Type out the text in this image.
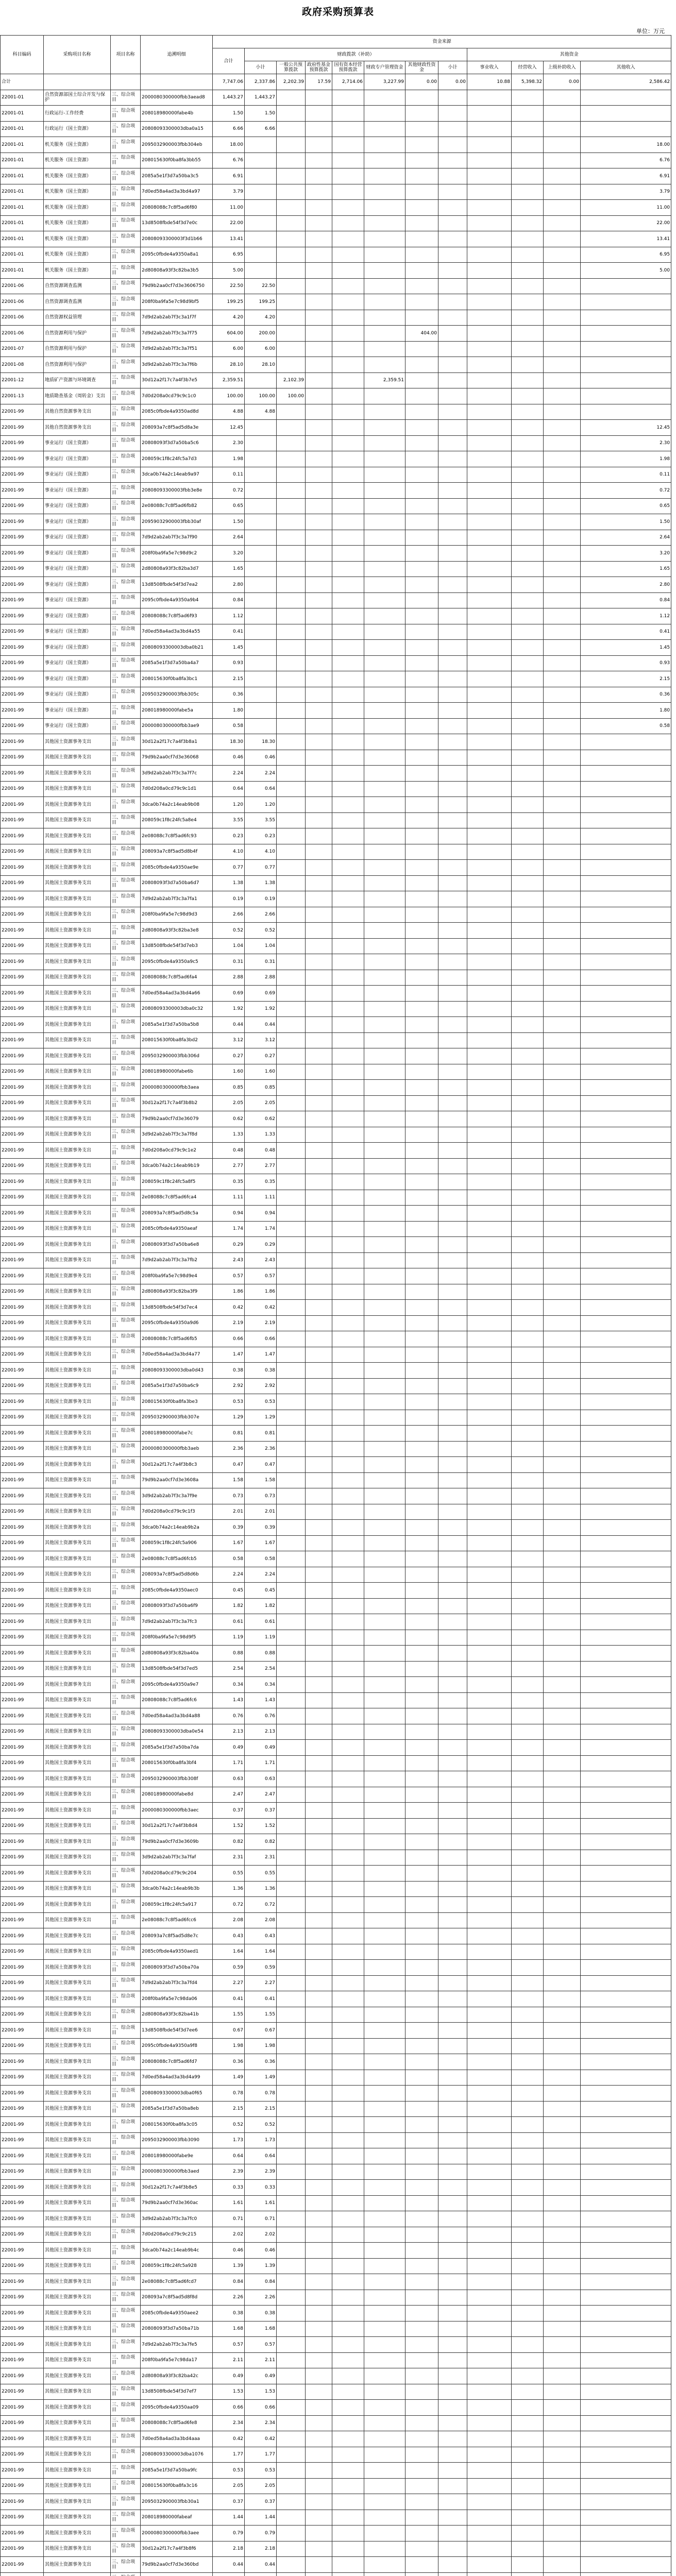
政府采购预算表
单位：万元
科目编码	采购项目名称	项目名称	追溯明细	资金来源											
				合计	财政拨款（补助）							其他资金			
					小计	一般公共预算拨款	政府性基金预算拨款	国有资本经营预算拨款	财政专户管理资金	其他财政性资金	小计	事业收入	经营收入	上级补助收入	其他收入
合计				7,747.06	2,337.86	2,202.39	17.59	2,714.06	3,227.99	0.00	0.00	10.88	5,398.32	0.00	2,586.42
22001-01	自然资源部国土综合开发与保护	三、综合项目	2000080300000fbb3aead8	1,443.27	1,443.27										
22001-01	行政运行-工作经费	三、综合项目	208018980000fabe4b	1.50	1.50										
22001-01	行政运行（国土资源）	三、综合项目	20808093300003dba0a15	6.66	6.66										
22001-01	机关服务（国土资源）	三、综合项目	2095032900003fbb304eb	18.00											18.00
22001-01	机关服务（国土资源）	三、综合项目	208015630f0ba8fa3bb55	6.76											6.76
22001-01	机关服务（国土资源）	三、综合项目	2085a5e1f3d7a50ba3c5	6.91											6.91
22001-01	机关服务（国土资源）	三、综合项目	7d0ed58a4ad3a3bd4a97	3.79											3.79
22001-01	机关服务（国土资源）	三、综合项目	20808088c7c8f5ad6f80	11.00											11.00
22001-01	机关服务（国土资源）	三、综合项目	13d8508fbde54f3d7e0c	22.00											22.00
22001-01	机关服务（国土资源）	三、综合项目	20808093300003f3d1b66	13.41											13.41
22001-01	机关服务（国土资源）	三、综合项目	2095c0fbde4a9350a8a1	6.95											6.95
22001-01	机关服务（国土资源）	三、综合项目	2d80808a93f3c82ba3b5	5.00											5.00
22001-06	自然资源调查监测	三、综合项目	79d9b2aa0cf7d3e3606750	22.50	22.50										
22001-06	自然资源调查监测	三、综合项目	208f0ba9fa5e7c98d9bf5	199.25	199.25										
22001-06	自然资源权益管理	三、综合项目	7d9d2ab2ab7f3c3a1f7f	4.20	4.20										
22001-06	自然资源利用与保护	三、综合项目	7d9d2ab2ab7f3c3a7f75	604.00	200.00					404.00					
22001-07	自然资源利用与保护	三、综合项目	7d9d2ab2ab7f3c3a7f51	6.00	6.00										
22001-08	自然资源利用与保护	三、综合项目	3d9d2ab2ab7f3c3a7f6b	28.10	28.10										
22001-12	地质矿产资源与环境调查	三、综合项目	30d12a2f17c7a4f3b7e5	2,359.51		2,102.39			2,359.51						
22001-13	地质勘查基金（周转金）支出	三、综合项目	7d0d208a0cd79c9c1c0	100.00	100.00	100.00									
22001-99	其他自然资源事务支出	三、综合项目	2085c0fbde4a9350ad8d	4.88	4.88										
22001-99	其他自然资源事务支出	三、综合项目	208093a7c8f5ad5d8a3e	12.45											12.45
22001-99	事业运行（国土资源）	三、综合项目	20808093f3d7a50ba5c6	2.30											2.30
22001-99	事业运行（国土资源）	三、综合项目	208059c1f8c24fc5a7d3	1.98											1.98
22001-99	事业运行（国土资源）	三、综合项目	3dca0b74a2c14eab9a97	0.11											0.11
22001-99	事业运行（国土资源）	三、综合项目	20808093300003fbb3e8e	0.72											0.72
22001-99	事业运行（国土资源）	三、综合项目	2e08088c7c8f5ad6fb82	0.65											0.65
22001-99	事业运行（国土资源）	三、综合项目	20959032900003fbb30af	1.50											1.50
22001-99	事业运行（国土资源）	三、综合项目	7d9d2ab2ab7f3c3a7f90	2.64											2.64
22001-99	事业运行（国土资源）	三、综合项目	208f0ba9fa5e7c98d9c2	3.20											3.20
22001-99	事业运行（国土资源）	三、综合项目	2d80808a93f3c82ba3d7	1.65											1.65
22001-99	事业运行（国土资源）	三、综合项目	13d8508fbde54f3d7ea2	2.80											2.80
22001-99	事业运行（国土资源）	三、综合项目	2095c0fbde4a9350a9b4	0.84											0.84
22001-99	事业运行（国土资源）	三、综合项目	20808088c7c8f5ad6f93	1.12											1.12
22001-99	事业运行（国土资源）	三、综合项目	7d0ed58a4ad3a3bd4a55	0.41											0.41
22001-99	事业运行（国土资源）	三、综合项目	20808093300003dba0b21	1.45											1.45
22001-99	事业运行（国土资源）	三、综合项目	2085a5e1f3d7a50ba4a7	0.93											0.93
22001-99	事业运行（国土资源）	三、综合项目	208015630f0ba8fa3bc1	2.15											2.15
22001-99	事业运行（国土资源）	三、综合项目	2095032900003fbb305c	0.36											0.36
22001-99	事业运行（国土资源）	三、综合项目	208018980000fabe5a	1.80											1.80
22001-99	事业运行（国土资源）	三、综合项目	2000080300000fbb3ae9	0.58											0.58
22001-99	其他国土资源事务支出	三、综合项目	30d12a2f17c7a4f3b8a1	18.30	18.30										
22001-99	其他国土资源事务支出	三、综合项目	79d9b2aa0cf7d3e36068	0.46	0.46										
22001-99	其他国土资源事务支出	三、综合项目	3d9d2ab2ab7f3c3a7f7c	2.24	2.24										
22001-99	其他国土资源事务支出	三、综合项目	7d0d208a0cd79c9c1d1	0.64	0.64										
22001-99	其他国土资源事务支出	三、综合项目	3dca0b74a2c14eab9b08	1.20	1.20										
22001-99	其他国土资源事务支出	三、综合项目	208059c1f8c24fc5a8e4	3.55	3.55										
22001-99	其他国土资源事务支出	三、综合项目	2e08088c7c8f5ad6fc93	0.23	0.23										
22001-99	其他国土资源事务支出	三、综合项目	208093a7c8f5ad5d8b4f	4.10	4.10										
22001-99	其他国土资源事务支出	三、综合项目	2085c0fbde4a9350ae9e	0.77	0.77										
22001-99	其他国土资源事务支出	三、综合项目	20808093f3d7a50ba6d7	1.38	1.38										
22001-99	其他国土资源事务支出	三、综合项目	7d9d2ab2ab7f3c3a7fa1	0.19	0.19										
22001-99	其他国土资源事务支出	三、综合项目	208f0ba9fa5e7c98d9d3	2.66	2.66										
22001-99	其他国土资源事务支出	三、综合项目	2d80808a93f3c82ba3e8	0.52	0.52										
22001-99	其他国土资源事务支出	三、综合项目	13d8508fbde54f3d7eb3	1.04	1.04										
22001-99	其他国土资源事务支出	三、综合项目	2095c0fbde4a9350a9c5	0.31	0.31										
22001-99	其他国土资源事务支出	三、综合项目	20808088c7c8f5ad6fa4	2.88	2.88										
22001-99	其他国土资源事务支出	三、综合项目	7d0ed58a4ad3a3bd4a66	0.69	0.69										
22001-99	其他国土资源事务支出	三、综合项目	20808093300003dba0c32	1.92	1.92										
22001-99	其他国土资源事务支出	三、综合项目	2085a5e1f3d7a50ba5b8	0.44	0.44										
22001-99	其他国土资源事务支出	三、综合项目	208015630f0ba8fa3bd2	3.12	3.12										
22001-99	其他国土资源事务支出	三、综合项目	2095032900003fbb306d	0.27	0.27										
22001-99	其他国土资源事务支出	三、综合项目	208018980000fabe6b	1.60	1.60										
22001-99	其他国土资源事务支出	三、综合项目	2000080300000fbb3aea	0.85	0.85										
22001-99	其他国土资源事务支出	三、综合项目	30d12a2f17c7a4f3b8b2	2.05	2.05										
22001-99	其他国土资源事务支出	三、综合项目	79d9b2aa0cf7d3e36079	0.62	0.62										
22001-99	其他国土资源事务支出	三、综合项目	3d9d2ab2ab7f3c3a7f8d	1.33	1.33										
22001-99	其他国土资源事务支出	三、综合项目	7d0d208a0cd79c9c1e2	0.48	0.48										
22001-99	其他国土资源事务支出	三、综合项目	3dca0b74a2c14eab9b19	2.77	2.77										
22001-99	其他国土资源事务支出	三、综合项目	208059c1f8c24fc5a8f5	0.35	0.35										
22001-99	其他国土资源事务支出	三、综合项目	2e08088c7c8f5ad6fca4	1.11	1.11										
22001-99	其他国土资源事务支出	三、综合项目	208093a7c8f5ad5d8c5a	0.94	0.94										
22001-99	其他国土资源事务支出	三、综合项目	2085c0fbde4a9350aeaf	1.74	1.74										
22001-99	其他国土资源事务支出	三、综合项目	20808093f3d7a50ba6e8	0.29	0.29										
22001-99	其他国土资源事务支出	三、综合项目	7d9d2ab2ab7f3c3a7fb2	2.43	2.43										
22001-99	其他国土资源事务支出	三、综合项目	208f0ba9fa5e7c98d9e4	0.57	0.57										
22001-99	其他国土资源事务支出	三、综合项目	2d80808a93f3c82ba3f9	1.86	1.86										
22001-99	其他国土资源事务支出	三、综合项目	13d8508fbde54f3d7ec4	0.42	0.42										
22001-99	其他国土资源事务支出	三、综合项目	2095c0fbde4a9350a9d6	2.19	2.19										
22001-99	其他国土资源事务支出	三、综合项目	20808088c7c8f5ad6fb5	0.66	0.66										
22001-99	其他国土资源事务支出	三、综合项目	7d0ed58a4ad3a3bd4a77	1.47	1.47										
22001-99	其他国土资源事务支出	三、综合项目	20808093300003dba0d43	0.38	0.38										
22001-99	其他国土资源事务支出	三、综合项目	2085a5e1f3d7a50ba6c9	2.92	2.92										
22001-99	其他国土资源事务支出	三、综合项目	208015630f0ba8fa3be3	0.53	0.53										
22001-99	其他国土资源事务支出	三、综合项目	2095032900003fbb307e	1.29	1.29										
22001-99	其他国土资源事务支出	三、综合项目	208018980000fabe7c	0.81	0.81										
22001-99	其他国土资源事务支出	三、综合项目	2000080300000fbb3aeb	2.36	2.36										
22001-99	其他国土资源事务支出	三、综合项目	30d12a2f17c7a4f3b8c3	0.47	0.47										
22001-99	其他国土资源事务支出	三、综合项目	79d9b2aa0cf7d3e3608a	1.58	1.58										
22001-99	其他国土资源事务支出	三、综合项目	3d9d2ab2ab7f3c3a7f9e	0.73	0.73										
22001-99	其他国土资源事务支出	三、综合项目	7d0d208a0cd79c9c1f3	2.01	2.01										
22001-99	其他国土资源事务支出	三、综合项目	3dca0b74a2c14eab9b2a	0.39	0.39										
22001-99	其他国土资源事务支出	三、综合项目	208059c1f8c24fc5a906	1.67	1.67										
22001-99	其他国土资源事务支出	三、综合项目	2e08088c7c8f5ad6fcb5	0.58	0.58										
22001-99	其他国土资源事务支出	三、综合项目	208093a7c8f5ad5d8d6b	2.24	2.24										
22001-99	其他国土资源事务支出	三、综合项目	2085c0fbde4a9350aec0	0.45	0.45										
22001-99	其他国土资源事务支出	三、综合项目	20808093f3d7a50ba6f9	1.82	1.82										
22001-99	其他国土资源事务支出	三、综合项目	7d9d2ab2ab7f3c3a7fc3	0.61	0.61										
22001-99	其他国土资源事务支出	三、综合项目	208f0ba9fa5e7c98d9f5	1.19	1.19										
22001-99	其他国土资源事务支出	三、综合项目	2d80808a93f3c82ba40a	0.88	0.88										
22001-99	其他国土资源事务支出	三、综合项目	13d8508fbde54f3d7ed5	2.54	2.54										
22001-99	其他国土资源事务支出	三、综合项目	2095c0fbde4a9350a9e7	0.34	0.34										
22001-99	其他国土资源事务支出	三、综合项目	20808088c7c8f5ad6fc6	1.43	1.43										
22001-99	其他国土资源事务支出	三、综合项目	7d0ed58a4ad3a3bd4a88	0.76	0.76										
22001-99	其他国土资源事务支出	三、综合项目	20808093300003dba0e54	2.13	2.13										
22001-99	其他国土资源事务支出	三、综合项目	2085a5e1f3d7a50ba7da	0.49	0.49										
22001-99	其他国土资源事务支出	三、综合项目	208015630f0ba8fa3bf4	1.71	1.71										
22001-99	其他国土资源事务支出	三、综合项目	2095032900003fbb308f	0.63	0.63										
22001-99	其他国土资源事务支出	三、综合项目	208018980000fabe8d	2.47	2.47										
22001-99	其他国土资源事务支出	三、综合项目	2000080300000fbb3aec	0.37	0.37										
22001-99	其他国土资源事务支出	三、综合项目	30d12a2f17c7a4f3b8d4	1.52	1.52										
22001-99	其他国土资源事务支出	三、综合项目	79d9b2aa0cf7d3e3609b	0.82	0.82										
22001-99	其他国土资源事务支出	三、综合项目	3d9d2ab2ab7f3c3a7faf	2.31	2.31										
22001-99	其他国土资源事务支出	三、综合项目	7d0d208a0cd79c9c204	0.55	0.55										
22001-99	其他国土资源事务支出	三、综合项目	3dca0b74a2c14eab9b3b	1.36	1.36										
22001-99	其他国土资源事务支出	三、综合项目	208059c1f8c24fc5a917	0.72	0.72										
22001-99	其他国土资源事务支出	三、综合项目	2e08088c7c8f5ad6fcc6	2.08	2.08										
22001-99	其他国土资源事务支出	三、综合项目	208093a7c8f5ad5d8e7c	0.43	0.43										
22001-99	其他国土资源事务支出	三、综合项目	2085c0fbde4a9350aed1	1.64	1.64										
22001-99	其他国土资源事务支出	三、综合项目	20808093f3d7a50ba70a	0.59	0.59										
22001-99	其他国土资源事务支出	三、综合项目	7d9d2ab2ab7f3c3a7fd4	2.27	2.27										
22001-99	其他国土资源事务支出	三、综合项目	208f0ba9fa5e7c98da06	0.41	0.41										
22001-99	其他国土资源事务支出	三、综合项目	2d80808a93f3c82ba41b	1.55	1.55										
22001-99	其他国土资源事务支出	三、综合项目	13d8508fbde54f3d7ee6	0.67	0.67										
22001-99	其他国土资源事务支出	三、综合项目	2095c0fbde4a9350a9f8	1.98	1.98										
22001-99	其他国土资源事务支出	三、综合项目	20808088c7c8f5ad6fd7	0.36	0.36										
22001-99	其他国土资源事务支出	三、综合项目	7d0ed58a4ad3a3bd4a99	1.49	1.49										
22001-99	其他国土资源事务支出	三、综合项目	20808093300003dba0f65	0.78	0.78										
22001-99	其他国土资源事务支出	三、综合项目	2085a5e1f3d7a50ba8eb	2.15	2.15										
22001-99	其他国土资源事务支出	三、综合项目	208015630f0ba8fa3c05	0.52	0.52										
22001-99	其他国土资源事务支出	三、综合项目	2095032900003fbb3090	1.73	1.73										
22001-99	其他国土资源事务支出	三、综合项目	208018980000fabe9e	0.64	0.64										
22001-99	其他国土资源事务支出	三、综合项目	2000080300000fbb3aed	2.39	2.39										
22001-99	其他国土资源事务支出	三、综合项目	30d12a2f17c7a4f3b8e5	0.33	0.33										
22001-99	其他国土资源事务支出	三、综合项目	79d9b2aa0cf7d3e360ac	1.61	1.61										
22001-99	其他国土资源事务支出	三、综合项目	3d9d2ab2ab7f3c3a7fc0	0.71	0.71										
22001-99	其他国土资源事务支出	三、综合项目	7d0d208a0cd79c9c215	2.02	2.02										
22001-99	其他国土资源事务支出	三、综合项目	3dca0b74a2c14eab9b4c	0.46	0.46										
22001-99	其他国土资源事务支出	三、综合项目	208059c1f8c24fc5a928	1.39	1.39										
22001-99	其他国土资源事务支出	三、综合项目	2e08088c7c8f5ad6fcd7	0.84	0.84										
22001-99	其他国土资源事务支出	三、综合项目	208093a7c8f5ad5d8f8d	2.26	2.26										
22001-99	其他国土资源事务支出	三、综合项目	2085c0fbde4a9350aee2	0.38	0.38										
22001-99	其他国土资源事务支出	三、综合项目	20808093f3d7a50ba71b	1.68	1.68										
22001-99	其他国土资源事务支出	三、综合项目	7d9d2ab2ab7f3c3a7fe5	0.57	0.57										
22001-99	其他国土资源事务支出	三、综合项目	208f0ba9fa5e7c98da17	2.11	2.11										
22001-99	其他国土资源事务支出	三、综合项目	2d80808a93f3c82ba42c	0.49	0.49										
22001-99	其他国土资源事务支出	三、综合项目	13d8508fbde54f3d7ef7	1.53	1.53										
22001-99	其他国土资源事务支出	三、综合项目	2095c0fbde4a9350aa09	0.66	0.66										
22001-99	其他国土资源事务支出	三、综合项目	20808088c7c8f5ad6fe8	2.34	2.34										
22001-99	其他国土资源事务支出	三、综合项目	7d0ed58a4ad3a3bd4aaa	0.42	0.42										
22001-99	其他国土资源事务支出	三、综合项目	20808093300003dba1076	1.77	1.77										
22001-99	其他国土资源事务支出	三、综合项目	2085a5e1f3d7a50ba9fc	0.53	0.53										
22001-99	其他国土资源事务支出	三、综合项目	208015630f0ba8fa3c16	2.05	2.05										
22001-99	其他国土资源事务支出	三、综合项目	2095032900003fbb30a1	0.37	0.37										
22001-99	其他国土资源事务支出	三、综合项目	208018980000fabeaf	1.44	1.44										
22001-99	其他国土资源事务支出	三、综合项目	2000080300000fbb3aee	0.79	0.79										
22001-99	其他国土资源事务支出	三、综合项目	30d12a2f17c7a4f3b8f6	2.18	2.18										
22001-99	其他国土资源事务支出	三、综合项目	79d9b2aa0cf7d3e360bd	0.44	0.44										
